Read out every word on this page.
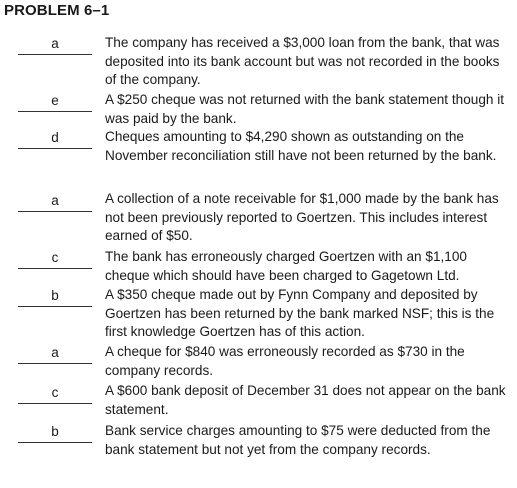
PROBLEM 6–1
a	The company has received a $3,000 loan from the bank, that was deposited into its bank account but was not recorded in the books of the company.
e	A $250 cheque was not returned with the bank statement though it was paid by the bank.
d	Cheques amounting to $4,290 shown as outstanding on the November reconciliation still have not been returned by the bank.
a	A collection of a note receivable for $1,000 made by the bank has not been previously reported to Goertzen. This includes interest earned of $50.
c	The bank has erroneously charged Goertzen with an $1,100 cheque which should have been charged to Gagetown Ltd.
b	A $350 cheque made out by Fynn Company and deposited by Goertzen has been returned by the bank marked NSF; this is the first knowledge Goertzen has of this action.
a	A cheque for $840 was erroneously recorded as $730 in the company records.
c	A $600 bank deposit of December 31 does not appear on the bank statement.
b	Bank service charges amounting to $75 were deducted from the bank statement but not yet from the company records.
